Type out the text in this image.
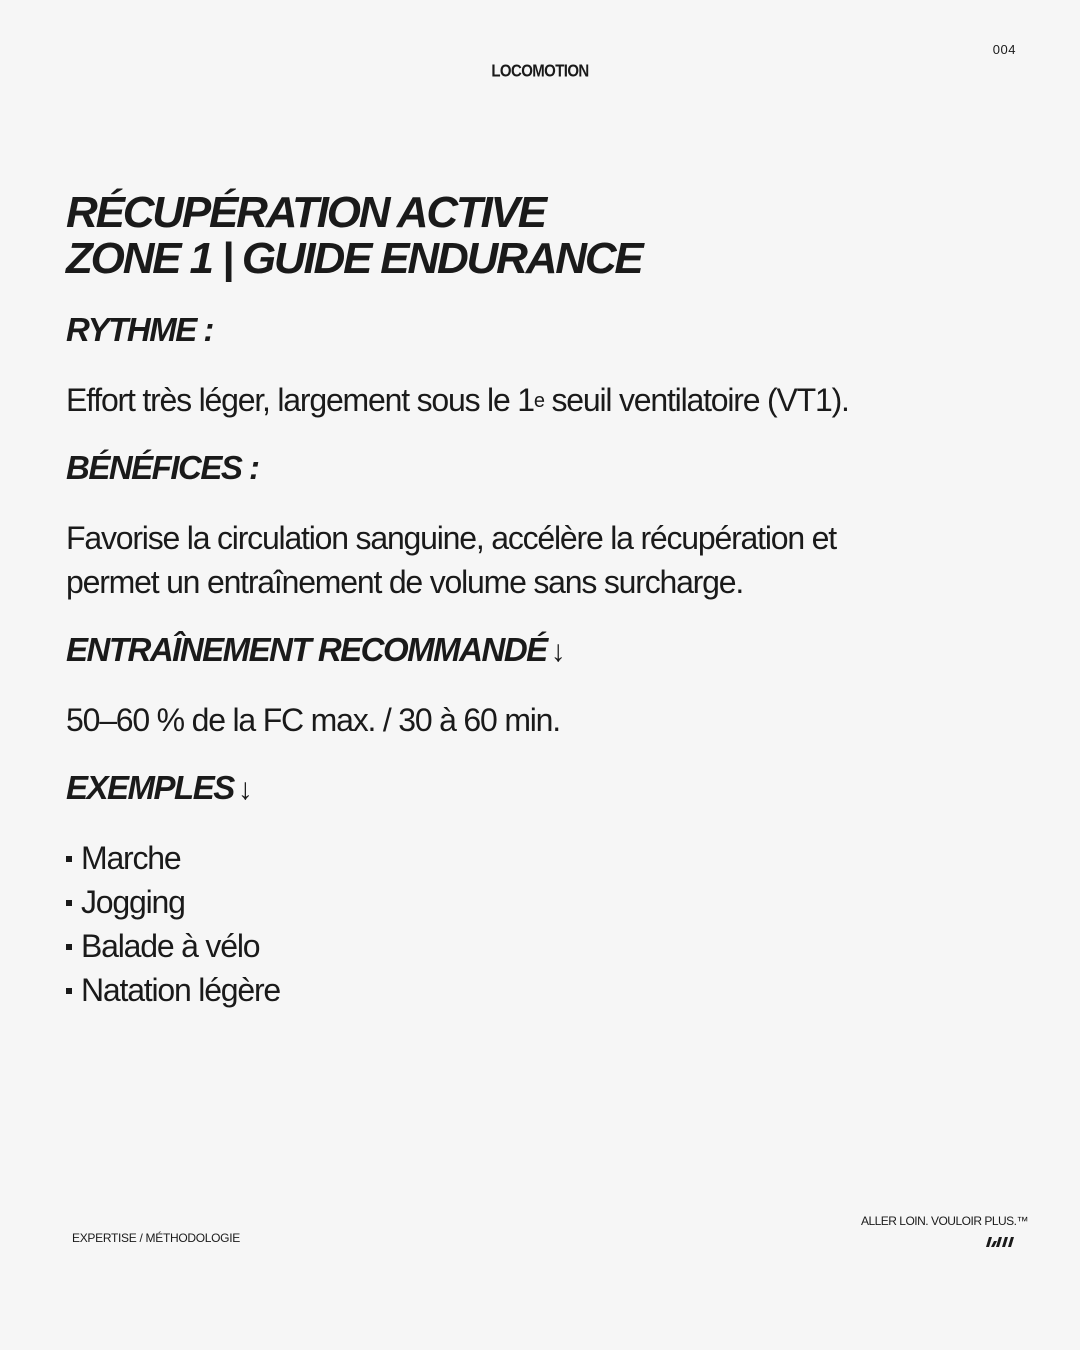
004
LOCOMOTION
RÉCUPÉRATION ACTIVE
ZONE 1 | GUIDE ENDURANCE
RYTHME :

Effort très léger, largement sous le 1e seuil ventilatoire (VT1).

BÉNÉFICES :

Favorise la circulation sanguine, accélère la récupération et
permet un entraînement de volume sans surcharge.

ENTRAÎNEMENT RECOMMANDÉ ↓

50–60 % de la FC max. / 30 à 60 min.

EXEMPLES ↓
Marche
Jogging
Balade à vélo
Natation légère
EXPERTISE / MÉTHODOLOGIE
ALLER LOIN. VOULOIR PLUS.™
